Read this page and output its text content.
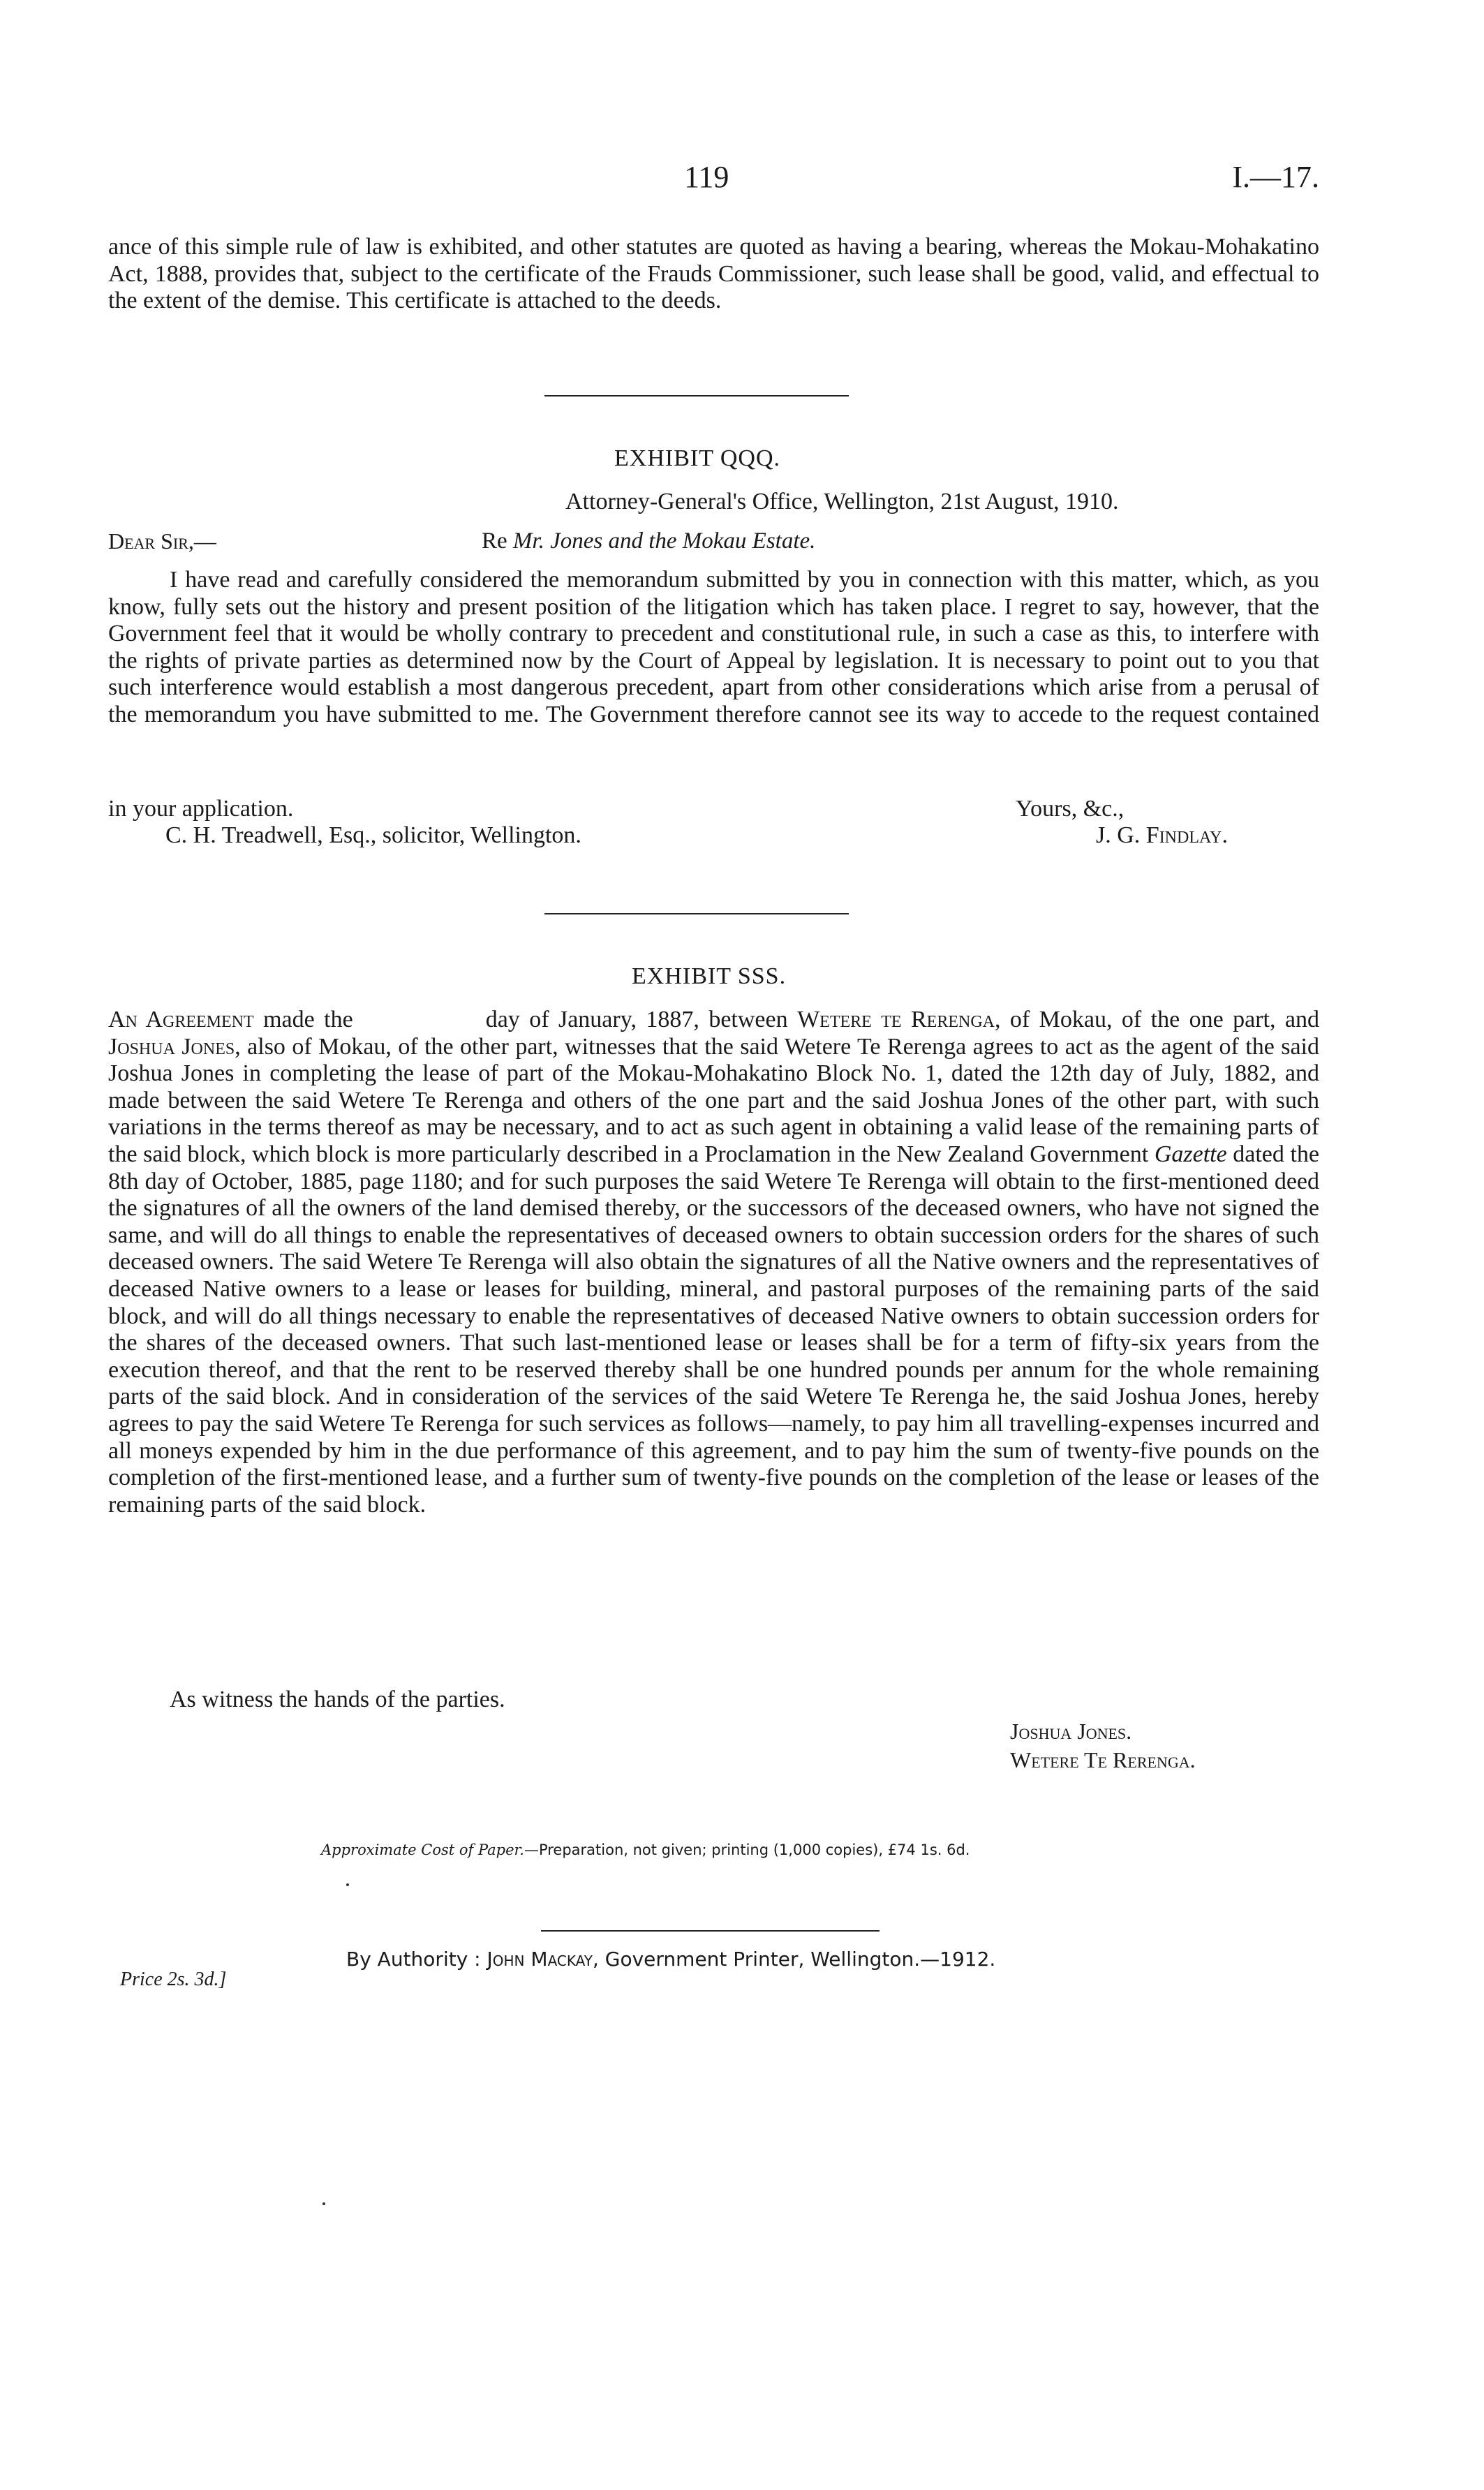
119	I.—17.
ance of this simple rule of law is exhibited, and other statutes are quoted as having a bearing, whereas the Mokau-Mohakatino Act, 1888, provides that, subject to the certificate of the Frauds Commissioner, such lease shall be good, valid, and effectual to the extent of the demise. This certificate is attached to the deeds.
EXHIBIT QQQ.
Attorney-General's Office, Wellington, 21st August, 1910.
Dear Sir,—	Re Mr. Jones and the Mokau Estate.
I have read and carefully considered the memorandum submitted by you in connection with this matter, which, as you know, fully sets out the history and present position of the litigation which has taken place. I regret to say, however, that the Government feel that it would be wholly contrary to precedent and constitutional rule, in such a case as this, to interfere with the rights of private parties as determined now by the Court of Appeal by legislation. It is necessary to point out to you that such interference would establish a most dangerous precedent, apart from other considerations which arise from a perusal of the memorandum you have submitted to me. The Government therefore cannot see its way to accede to the request contained
in your application.	Yours, &c.,
C. H. Treadwell, Esq., solicitor, Wellington.	J. G. Findlay.
EXHIBIT SSS.
An Agreement made the	day of January, 1887, between Wetere te Rerenga, of Mokau, of the one part, and Joshua Jones, also of Mokau, of the other part, witnesses that the said Wetere Te Rerenga agrees to act as the agent of the said Joshua Jones in completing the lease of part of the Mokau-Mohakatino Block No. 1, dated the 12th day of July, 1882, and made between the said Wetere Te Rerenga and others of the one part and the said Joshua Jones of the other part, with such variations in the terms thereof as may be necessary, and to act as such agent in obtaining a valid lease of the remaining parts of the said block, which block is more particularly described in a Proclamation in the New Zealand Government Gazette dated the 8th day of October, 1885, page 1180; and for such purposes the said Wetere Te Rerenga will obtain to the first-mentioned deed the signatures of all the owners of the land demised thereby, or the successors of the deceased owners, who have not signed the same, and will do all things to enable the representatives of deceased owners to obtain succession orders for the shares of such deceased owners. The said Wetere Te Rerenga will also obtain the signatures of all the Native owners and the representatives of deceased Native owners to a lease or leases for building, mineral, and pastoral purposes of the remaining parts of the said block, and will do all things necessary to enable the representatives of deceased Native owners to obtain succession orders for the shares of the deceased owners. That such last-mentioned lease or leases shall be for a term of fifty-six years from the execution thereof, and that the rent to be reserved thereby shall be one hundred pounds per annum for the whole remaining parts of the said block. And in consideration of the services of the said Wetere Te Rerenga he, the said Joshua Jones, hereby agrees to pay the said Wetere Te Rerenga for such services as follows—namely, to pay him all travelling-expenses incurred and all moneys expended by him in the due performance of this agreement, and to pay him the sum of twenty-five pounds on the completion of the first-mentioned lease, and a further sum of twenty-five pounds on the completion of the lease or leases of the remaining parts of the said block.
As witness the hands of the parties.
Joshua Jones.
Wetere Te Rerenga.
Approximate Cost of Paper.—Preparation, not given; printing (1,000 copies), £74 1s. 6d.
By Authority : John Mackay, Government Printer, Wellington.—1912.
Price 2s. 3d.]
